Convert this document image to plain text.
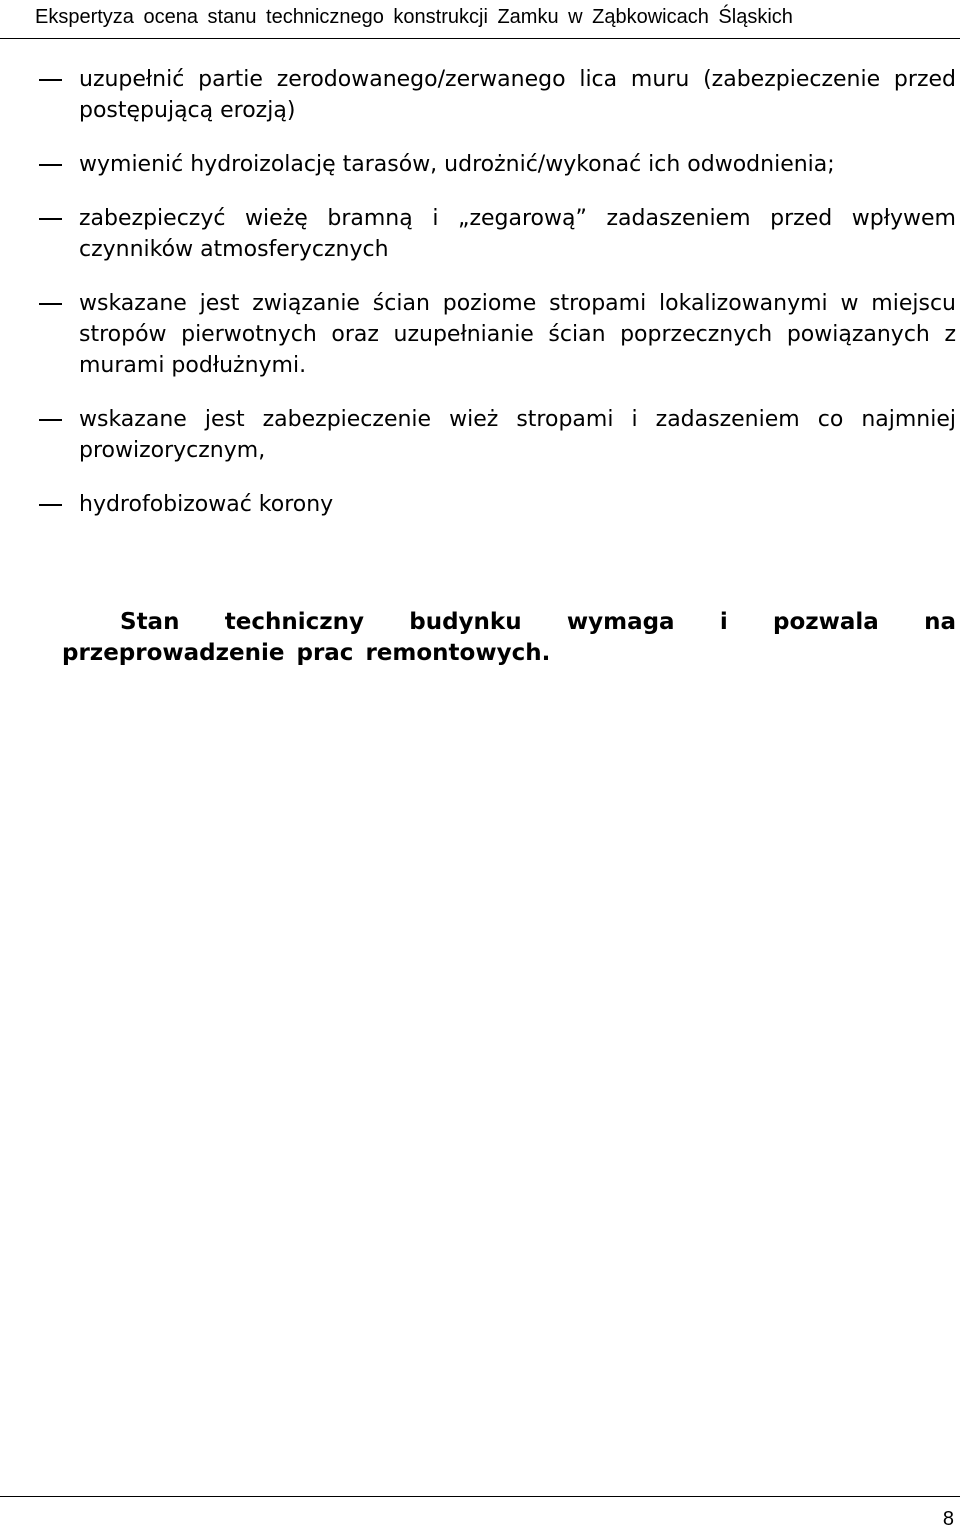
Ekspertyza ocena stanu technicznego konstrukcji Zamku w Ząbkowicach Śląskich
uzupełnić partie zerodowanego/zerwanego lica muru (zabezpieczenie przed postępującą erozją)
wymienić hydroizolację tarasów, udrożnić/wykonać ich odwodnienia;
zabezpieczyć wieżę bramną i „zegarową” zadaszeniem przed wpływem czynników atmosferycznych
wskazane jest związanie ścian poziome stropami lokalizowanymi w miejscu stropów pierwotnych oraz uzupełnianie ścian poprzecznych powiązanych z murami podłużnymi.
wskazane jest zabezpieczenie wież stropami i zadaszeniem co najmniej prowizorycznym,
hydrofobizować korony

Stan techniczny budynku wymaga i pozwala na przeprowadzenie prac remontowych.

8
